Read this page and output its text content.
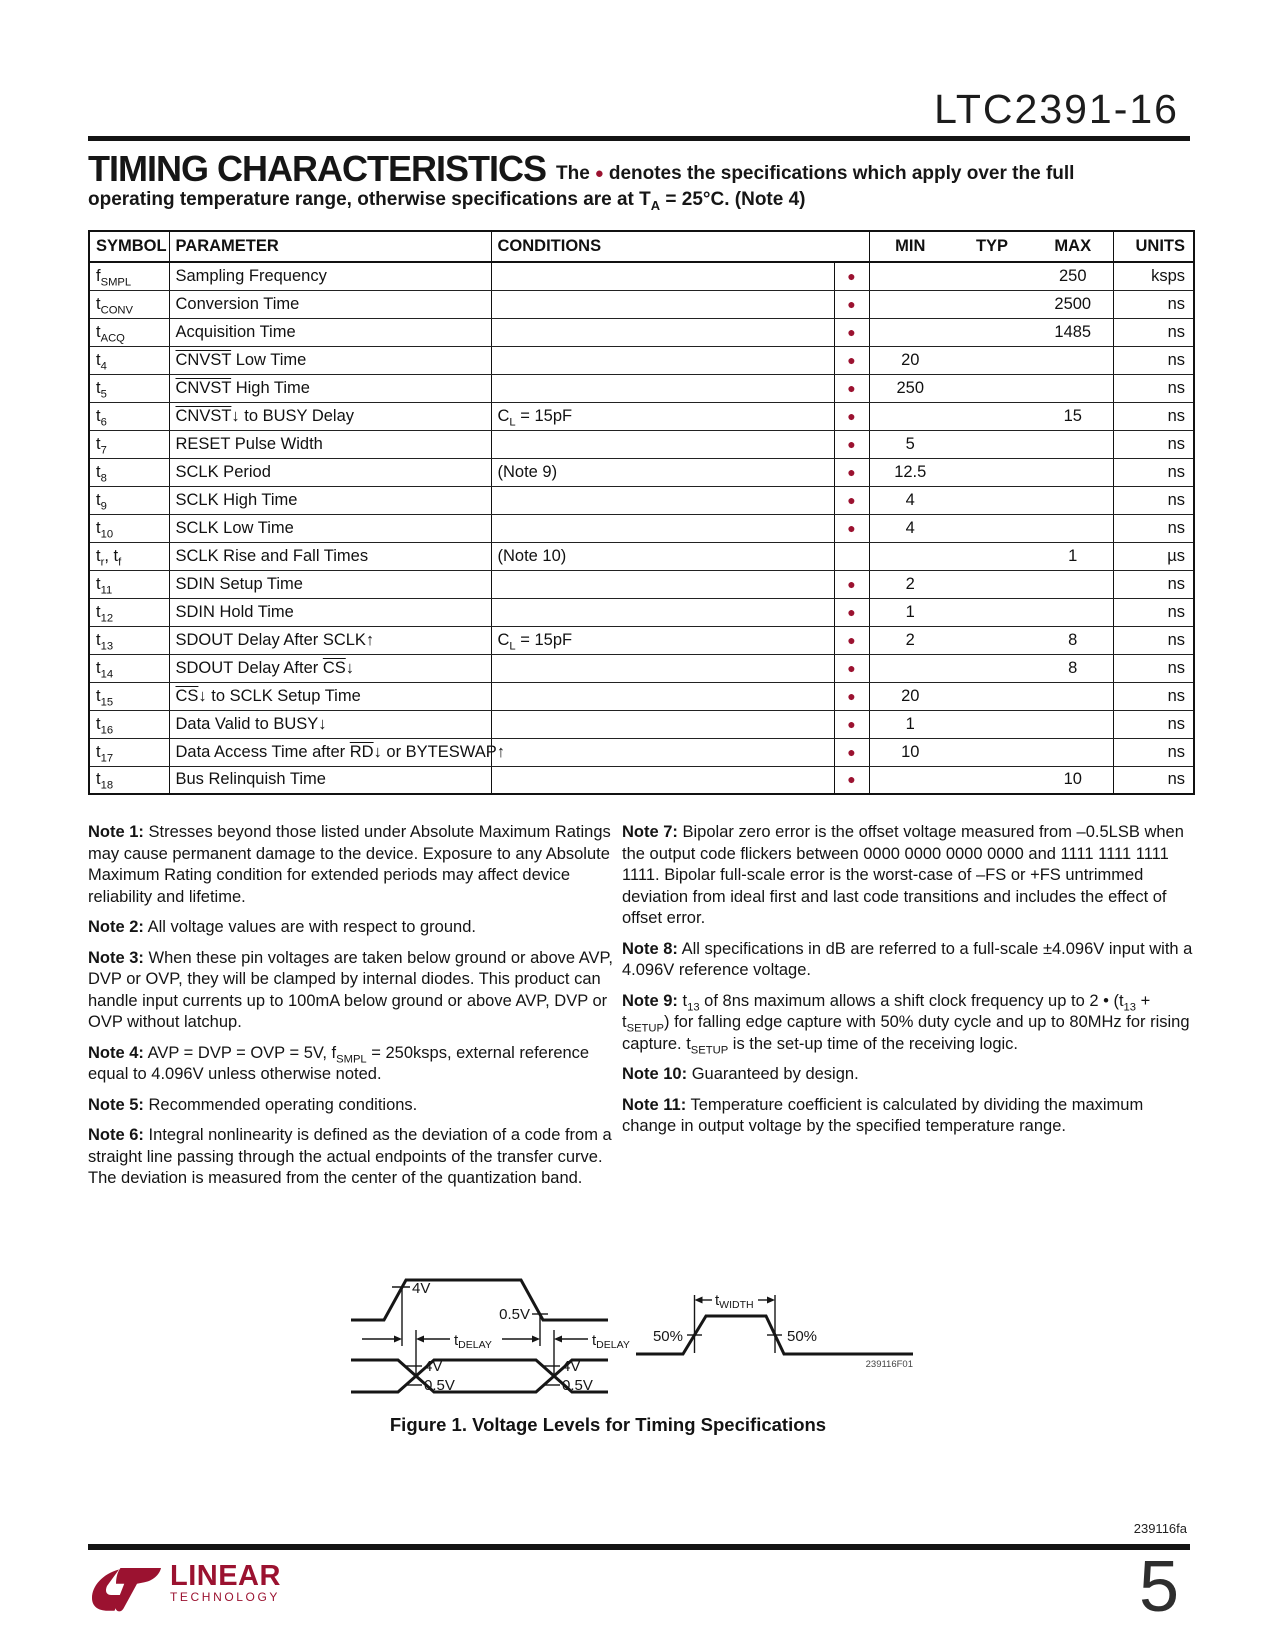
LTC2391-16
TIMING CHARACTERISTICS The ● denotes the specifications which apply over the full operating temperature range, otherwise specifications are at $T_A = 25^\circ C$. (Note 4)
SYMBOL	PARAMETER	CONDITIONS		MIN	TYP	MAX	UNITS
$f_{SMPL}$	Sampling Frequency		●			250	ksps
$t_{CONV}$	Conversion Time		●			2500	ns
$t_{ACQ}$	Acquisition Time		●			1485	ns
$t_4$	CNVST Low Time		●	20			ns
$t_5$	CNVST High Time		●	250			ns
$t_6$	CNVST↓ to BUSY Delay	$C_L = 15pF$	●			15	ns
$t_7$	RESET Pulse Width		●	5			ns
$t_8$	SCLK Period	(Note 9)	●	12.5			ns
$t_9$	SCLK High Time		●	4			ns
$t_{10}$	SCLK Low Time		●	4			ns
$t_r$, $t_f$	SCLK Rise and Fall Times	(Note 10)				1	µs
$t_{11}$	SDIN Setup Time		●	2			ns
$t_{12}$	SDIN Hold Time		●	1			ns
$t_{13}$	SDOUT Delay After SCLK↑	$C_L = 15pF$	●	2		8	ns
$t_{14}$	SDOUT Delay After $\overline{CS}↓$		●			8	ns
$t_{15}$	$\overline{CS}↓$ to SCLK Setup Time		●	20			ns
$t_{16}$	Data Valid to BUSY↓		●	1			ns
$t_{17}$	Data Access Time after $\overline{RD}↓$ or BYTESWAP↑		●	10			ns
$t_{18}$	Bus Relinquish Time		●			10	ns

Note 1: Stresses beyond those listed under Absolute Maximum Ratings may cause permanent damage to the device. Exposure to any Absolute Maximum Rating condition for extended periods may affect device reliability and lifetime.

Note 2: All voltage values are with respect to ground.

Note 3: When these pin voltages are taken below ground or above AVP, DVP or OVP, they will be clamped by internal diodes. This product can handle input currents up to 100mA below ground or above AVP, DVP or OVP without latchup.

Note 4: AVP = DVP = OVP = 5V, $f_{SMPL}$ = 250ksps, external reference equal to 4.096V unless otherwise noted.

Note 5: Recommended operating conditions.

Note 6: Integral nonlinearity is defined as the deviation of a code from a straight line passing through the actual endpoints of the transfer curve. The deviation is measured from the center of the quantization band.

Note 7: Bipolar zero error is the offset voltage measured from –0.5LSB when the output code flickers between 0000 0000 0000 0000 and 1111 1111 1111 1111. Bipolar full-scale error is the worst-case of –FS or +FS untrimmed deviation from ideal first and last code transitions and includes the effect of offset error.

Note 8: All specifications in dB are referred to a full-scale ±4.096V input with a 4.096V reference voltage.

Note 9: $t_{13}$ of 8ns maximum allows a shift clock frequency up to 2 • $(t_{13} + t_{SETUP})$ for falling edge capture with 50% duty cycle and up to 80MHz for rising capture. $t_{SETUP}$ is the set-up time of the receiving logic.

Note 10: Guaranteed by design.

Note 11: Temperature coefficient is calculated by dividing the maximum change in output voltage by the specified temperature range.

4V
0.5V
$t_{DELAY}$	$t_{DELAY}$
4V
0.5V
4V
0.5V
$t_{WIDTH}$
50%	50%
239116F01
Figure 1. Voltage Levels for Timing Specifications
239116fa
LINEAR
TECHNOLOGY	5
